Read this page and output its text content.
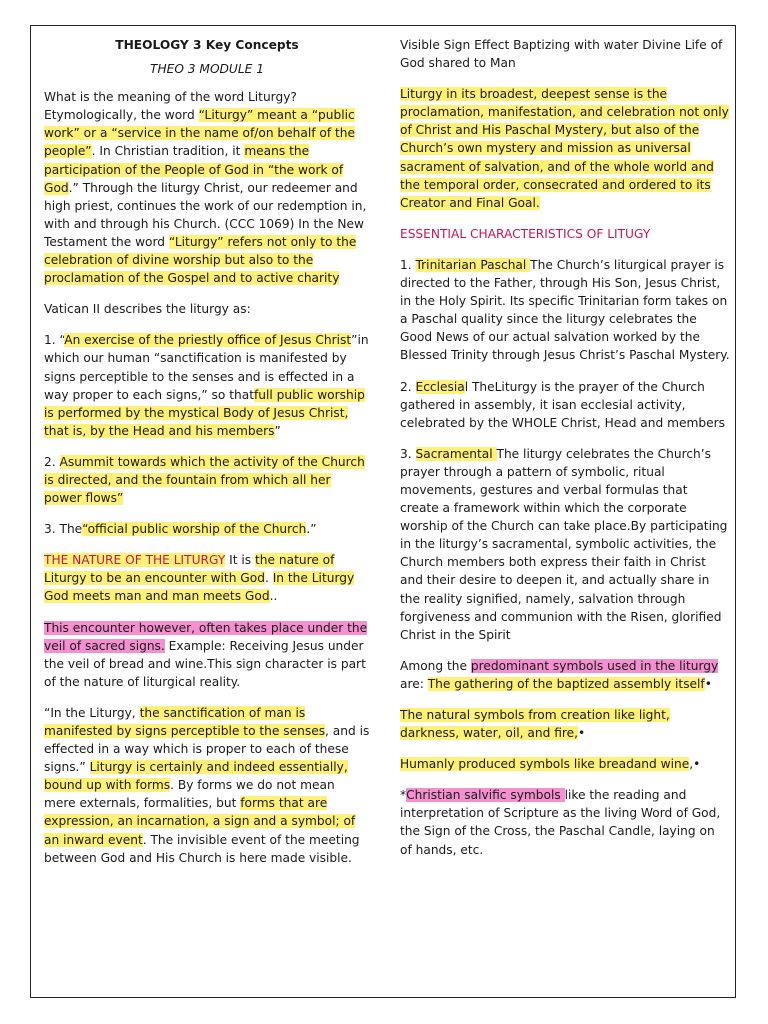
THEOLOGY 3 Key Concepts

THEO 3 MODULE 1

What is the meaning of the word Liturgy? Etymologically, the word “Liturgy” meant a “public work” or a “service in the name of/on behalf of the people”. In Christian tradition, it means the participation of the People of God in “the work of God.” Through the liturgy Christ, our redeemer and high priest, continues the work of our redemption in, with and through his Church. (CCC 1069) In the New Testament the word “Liturgy” refers not only to the celebration of divine worship but also to the proclamation of the Gospel and to active charity

Vatican II describes the liturgy as:

1. “An exercise of the priestly office of Jesus Christ”in which our human “sanctification is manifested by signs perceptible to the senses and is effected in a way proper to each signs,” so thatfull public worship is performed by the mystical Body of Jesus Christ, that is, by the Head and his members”

2. Asummit towards which the activity of the Church is directed, and the fountain from which all her power flows”

3. The“official public worship of the Church.”

THE NATURE OF THE LITURGY It is the nature of Liturgy to be an encounter with God. In the Liturgy God meets man and man meets God..

This encounter however, often takes place under the veil of sacred signs. Example: Receiving Jesus under the veil of bread and wine.This sign character is part of the nature of liturgical reality.

“In the Liturgy, the sanctification of man is manifested by signs perceptible to the senses, and is effected in a way which is proper to each of these signs.” Liturgy is certainly and indeed essentially, bound up with forms. By forms we do not mean mere externals, formalities, but forms that are expression, an incarnation, a sign and a symbol; of an inward event. The invisible event of the meeting between God and His Church is here made visible.

Visible Sign Effect Baptizing with water Divine Life of God shared to Man

Liturgy in its broadest, deepest sense is the proclamation, manifestation, and celebration not only of Christ and His Paschal Mystery, but also of the Church’s own mystery and mission as universal sacrament of salvation, and of the whole world and the temporal order, consecrated and ordered to its Creator and Final Goal.

ESSENTIAL CHARACTERISTICS OF LITUGY

1. Trinitarian Paschal The Church’s liturgical prayer is directed to the Father, through His Son, Jesus Christ, in the Holy Spirit. Its specific Trinitarian form takes on a Paschal quality since the liturgy celebrates the Good News of our actual salvation worked by the Blessed Trinity through Jesus Christ’s Paschal Mystery.

2. Ecclesial TheLiturgy is the prayer of the Church gathered in assembly, it isan ecclesial activity, celebrated by the WHOLE Christ, Head and members

3. Sacramental The liturgy celebrates the Church’s prayer through a pattern of symbolic, ritual movements, gestures and verbal formulas that create a framework within which the corporate worship of the Church can take place.By participating in the liturgy’s sacramental, symbolic activities, the Church members both express their faith in Christ and their desire to deepen it, and actually share in the reality signified, namely, salvation through forgiveness and communion with the Risen, glorified Christ in the Spirit

Among the predominant symbols used in the liturgy are: The gathering of the baptized assembly itself•

The natural symbols from creation like light, darkness, water, oil, and fire,•

Humanly produced symbols like breadand wine,•

*Christian salvific symbols like the reading and interpretation of Scripture as the living Word of God, the Sign of the Cross, the Paschal Candle, laying on of hands, etc.
